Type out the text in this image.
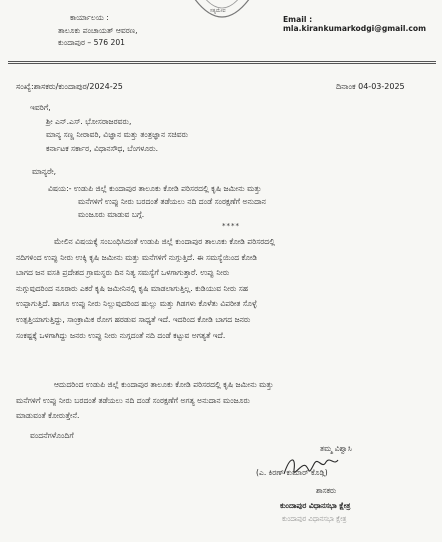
ಸತ್ಯಮೇವ
ಕಾರ್ಯಾಲಯ :
ತಾಲೂಕು ಪಂಚಾಯತ್ ಆವರಣ,
ಕುಂದಾಪುರ – 576 201
Email : mla.kirankumarkodgi@gmail.com
ಸಂಖ್ಯೆ:ಶಾಸಕರು/ಕುಂದಾಪುರ/2024-25	ದಿನಾಂಕ 04-03-2025
ಇವರಿಗೆ,
ಶ್ರೀ ಎನ್.ಎಸ್. ಭೋಸರಾಜರವರು,
ಮಾನ್ಯ ಸಣ್ಣ ನೀರಾವರಿ, ವಿಜ್ಞಾನ ಮತ್ತು ತಂತ್ರಜ್ಞಾನ ಸಚಿವರು
ಕರ್ನಾಟಕ ಸರ್ಕಾರ, ವಿಧಾನಸೌಧ, ಬೆಂಗಳೂರು.
ಮಾನ್ಯರೇ,
ವಿಷಯ:- ಉಡುಪಿ ಜಿಲ್ಲೆ ಕುಂದಾಪುರ ತಾಲೂಕು ಕೋಡಿ ಪರಿಸರದಲ್ಲಿ ಕೃಷಿ ಜಮೀನು ಮತ್ತು
ಮನೆಗಳಿಗೆ ಉಪ್ಪು ನೀರು ಬರದಂತೆ ತಡೆಯಲು ನದಿ ದಂಡೆ ಸಂರಕ್ಷಣೆಗೆ ಅನುದಾನ
ಮಂಜೂರು ಮಾಡುವ ಬಗ್ಗೆ.
****
ಮೇಲಿನ ವಿಷಯಕ್ಕೆ ಸಂಬಂಧಿಸಿದಂತೆ ಉಡುಪಿ ಜಿಲ್ಲೆ ಕುಂದಾಪುರ ತಾಲೂಕು ಕೋಡಿ ಪರಿಸರದಲ್ಲಿ
ನದಿಗಳಿಂದ ಉಪ್ಪು ನೀರು ಉಕ್ಕಿ ಕೃಷಿ ಜಮೀನು ಮತ್ತು ಮನೆಗಳಿಗೆ ನುಗ್ಗುತ್ತಿದೆ. ಈ ಸಮಸ್ಯೆಯಿಂದ ಕೋಡಿ
ಬಾಗದ ಜನ ವಸತಿ ಪ್ರದೇಶದ ಗ್ರಾಮಸ್ಥರು ದಿನ ನಿತ್ಯ ಸಮಸ್ಯೆಗೆ ಒಳಗಾಗುತ್ತಾರೆ. ಉಪ್ಪು ನೀರು
ನುಗ್ಗುವುದರಿಂದ ನೂರಾರು ಎಕರೆ ಕೃಷಿ ಜಮೀನಿನಲ್ಲಿ ಕೃಷಿ ಮಾಡಲಾಗುತ್ತಿಲ್ಲ. ಕುಡಿಯುವ ನೀರು ಸಹ
ಉಪ್ಪಾಗುತ್ತಿದೆ. ಹಾಗೂ ಉಪ್ಪು ನೀರು ನಿಲ್ಲುವುದರಿಂದ ಹುಲ್ಲು ಮತ್ತು ಗಿಡಗಳು ಕೊಳೆತು ವಿಪರೀತ ಸೊಳ್ಳೆ
ಉತ್ಪತ್ತಿಯಾಗುತ್ತಿದ್ದು, ಸಾಂಕ್ರಾಮಿಕ ರೋಗ ಹರಡುವ ಸಾಧ್ಯತೆ ಇದೆ. ಇದರಿಂದ ಕೋಡಿ ಬಾಗದ ಜನರು
ಸಂಕಷ್ಟಕ್ಕೆ ಒಳಗಾಗಿದ್ದು ಜನರು ಉಪ್ಪು ನೀರು ನುಗ್ಗದಂತೆ ನದಿ ದಂಡೆ ಕಟ್ಟುವ ಅಗತ್ಯತೆ ಇದೆ.
ಆದುದರಿಂದ ಉಡುಪಿ ಜಿಲ್ಲೆ ಕುಂದಾಪುರ ತಾಲೂಕು ಕೋಡಿ ಪರಿಸರದಲ್ಲಿ ಕೃಷಿ ಜಮೀನು ಮತ್ತು
ಮನೆಗಳಿಗೆ ಉಪ್ಪು ನೀರು ಬರದಂತೆ ತಡೆಯಲು ನದಿ ದಂಡೆ ಸಂರಕ್ಷಣೆಗೆ ಅಗತ್ಯ ಅನುದಾನ ಮಂಜೂರು
ಮಾಡುವಂತೆ ಕೋರುತ್ತೇನೆ.
ವಂದನೆಗಳೊಂದಿಗೆ
ತಮ್ಮ ವಿಶ್ವಾಸಿ
(ಎ. ಕಿರಣ್ ಕುಮಾರ್ ಕೊಡ್ಗಿ)
ಶಾಸಕರು
ಕುಂದಾಪುರ ವಿಧಾನಸಭಾ ಕ್ಷೇತ್ರ
ಕುಂದಾಪುರ ವಿಧಾನಸಭಾ ಕ್ಷೇತ್ರ
